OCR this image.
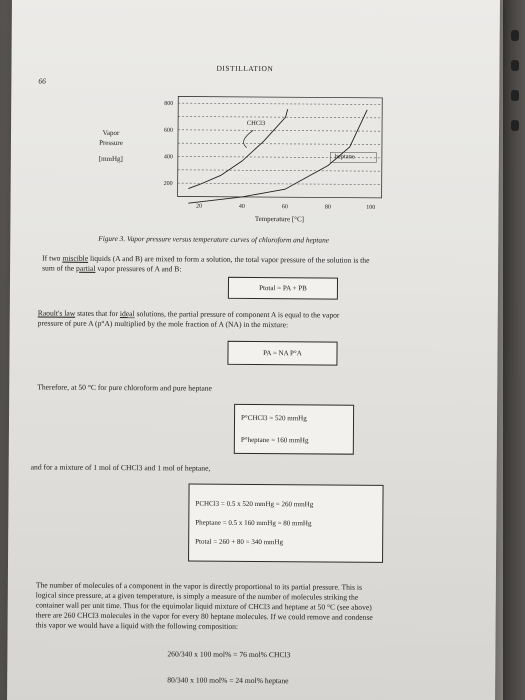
DISTILLATION
66
Vapor
Pressure
[mmHg]
200
400
600
800
20	40	60	80	100
Temperature [°C]
CHCl3
heptane
Figure 3. Vapor pressure versus temperature curves of chloroform and heptane
If two miscible liquids (A and B) are mixed to form a solution, the total vapor pressure of the solution is the
sum of the partial vapor pressures of A and B:
Ptotal = PA + PB
Raoult's law states that for ideal solutions, the partial pressure of component A is equal to the vapor
pressure of pure A (p°A) multiplied by the mole fraction of A (NA) in the mixture:
PA = NA P°A
Therefore, at 50 °C for pure chloroform and pure heptane
P°CHCl3 = 520 mmHg
P°heptane = 160 mmHg
and for a mixture of 1 mol of CHCl3 and 1 mol of heptane,
PCHCl3 = 0.5 x 520 mmHg = 260 mmHg
Pheptane = 0.5 x 160 mmHg = 80 mmHg
Ptotal = 260 + 80 = 340 mmHg
The number of molecules of a component in the vapor is directly proportional to its partial pressure. This is
logical since pressure, at a given temperature, is simply a measure of the number of molecules striking the
container wall per unit time. Thus for the equimolar liquid mixture of CHCl3 and heptane at 50 °C (see above)
there are 260 CHCl3 molecules in the vapor for every 80 heptane molecules. If we could remove and condense
this vapor we would have a liquid with the following composition:
260/340 x 100 mol% = 76 mol% CHCl3
80/340 x 100 mol% = 24 mol% heptane
